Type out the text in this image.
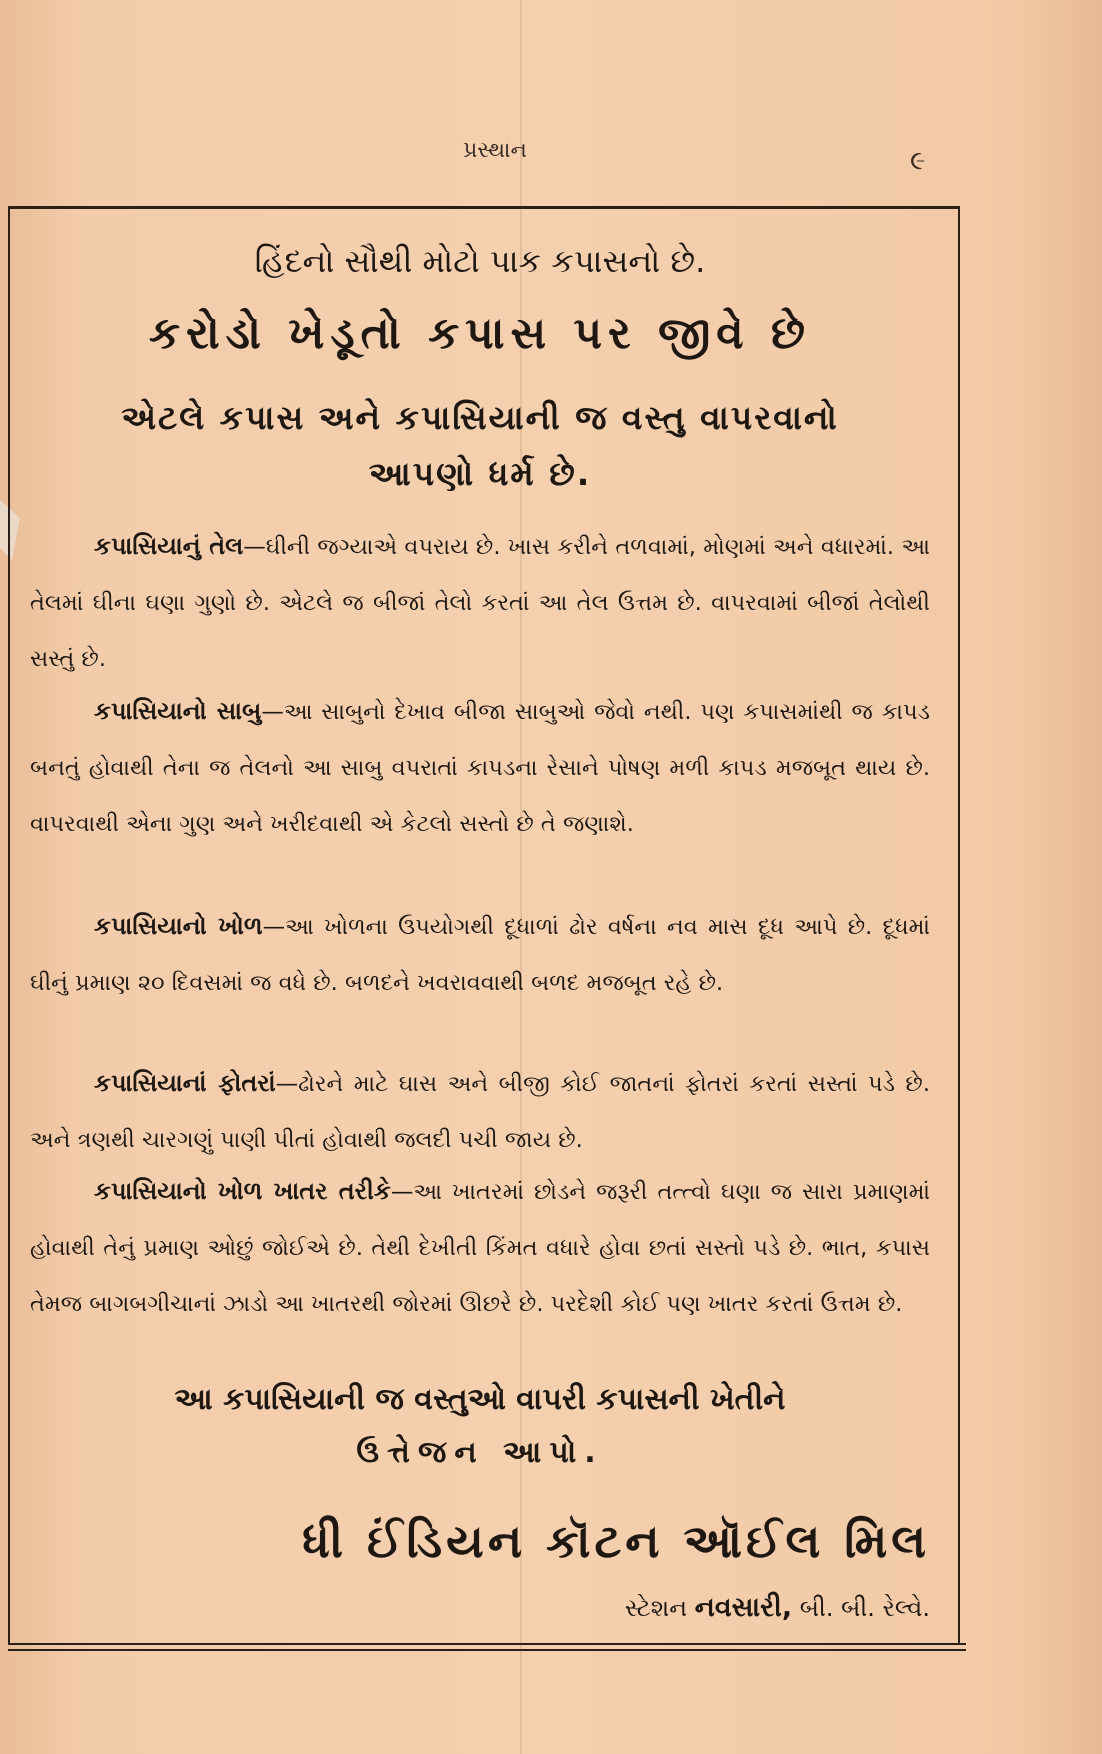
પ્રસ્થાન	૯
હિંદનો સૌથી મોટો પાક કપાસનો છે.
કરોડો ખેડૂતો કપાસ પર જીવે છે
એટલે કપાસ અને કપાસિયાની જ વસ્તુ વાપરવાનો
આપણો ધર્મ છે.
કપાસિયાનું તેલ—ઘીની જગ્યાએ વપરાય છે. ખાસ કરીને તળવામાં, મોણમાં અને વધારમાં. આ તેલમાં ઘીના ઘણા ગુણો છે. એટલે જ બીજાં તેલો કરતાં આ તેલ ઉત્તમ છે. વાપરવામાં બીજાં તેલોથી સસ્તું છે.
કપાસિયાનો સાબુ—આ સાબુનો દેખાવ બીજા સાબુઓ જેવો નથી. પણ કપાસમાંથી જ કાપડ બનતું હોવાથી તેના જ તેલનો આ સાબુ વપરાતાં કાપડના રેસાને પોષણ મળી કાપડ મજબૂત થાય છે. વાપરવાથી એના ગુણ અને ખરીદવાથી એ કેટલો સસ્તો છે તે જણાશે.
કપાસિયાનો ખોળ—આ ખોળના ઉપયોગથી દૂધાળાં ઢોર વર્ષના નવ માસ દૂધ આપે છે. દૂધમાં ઘીનું પ્રમાણ ૨૦ દિવસમાં જ વધે છે. બળદને ખવરાવવાથી બળદ મજબૂત રહે છે.
કપાસિયાનાં ફોતરાં—ઢોરને માટે ઘાસ અને બીજી કોઈ જાતનાં ફોતરાં કરતાં સસ્તાં પડે છે. અને ત્રણથી ચારગણું પાણી પીતાં હોવાથી જલદી પચી જાય છે.
કપાસિયાનો ખોળ ખાતર તરીકે—આ ખાતરમાં છોડને જરૂરી તત્ત્વો ઘણા જ સારા પ્રમાણમાં હોવાથી તેનું પ્રમાણ ઓછું જોઈએ છે. તેથી દેખીતી કિંમત વધારે હોવા છતાં સસ્તો પડે છે. ભાત, કપાસ તેમજ બાગબગીચાનાં ઝાડો આ ખાતરથી જોરમાં ઊછરે છે. પરદેશી કોઈ પણ ખાતર કરતાં ઉત્તમ છે.
આ કપાસિયાની જ વસ્તુઓ વાપરી કપાસની ખેતીને
ઉત્તેજન આપો.
ધી ઈંડિયન કૉટન ઑઈલ મિલ
સ્ટેશન નવસારી, બી. બી. રેલ્વે.
